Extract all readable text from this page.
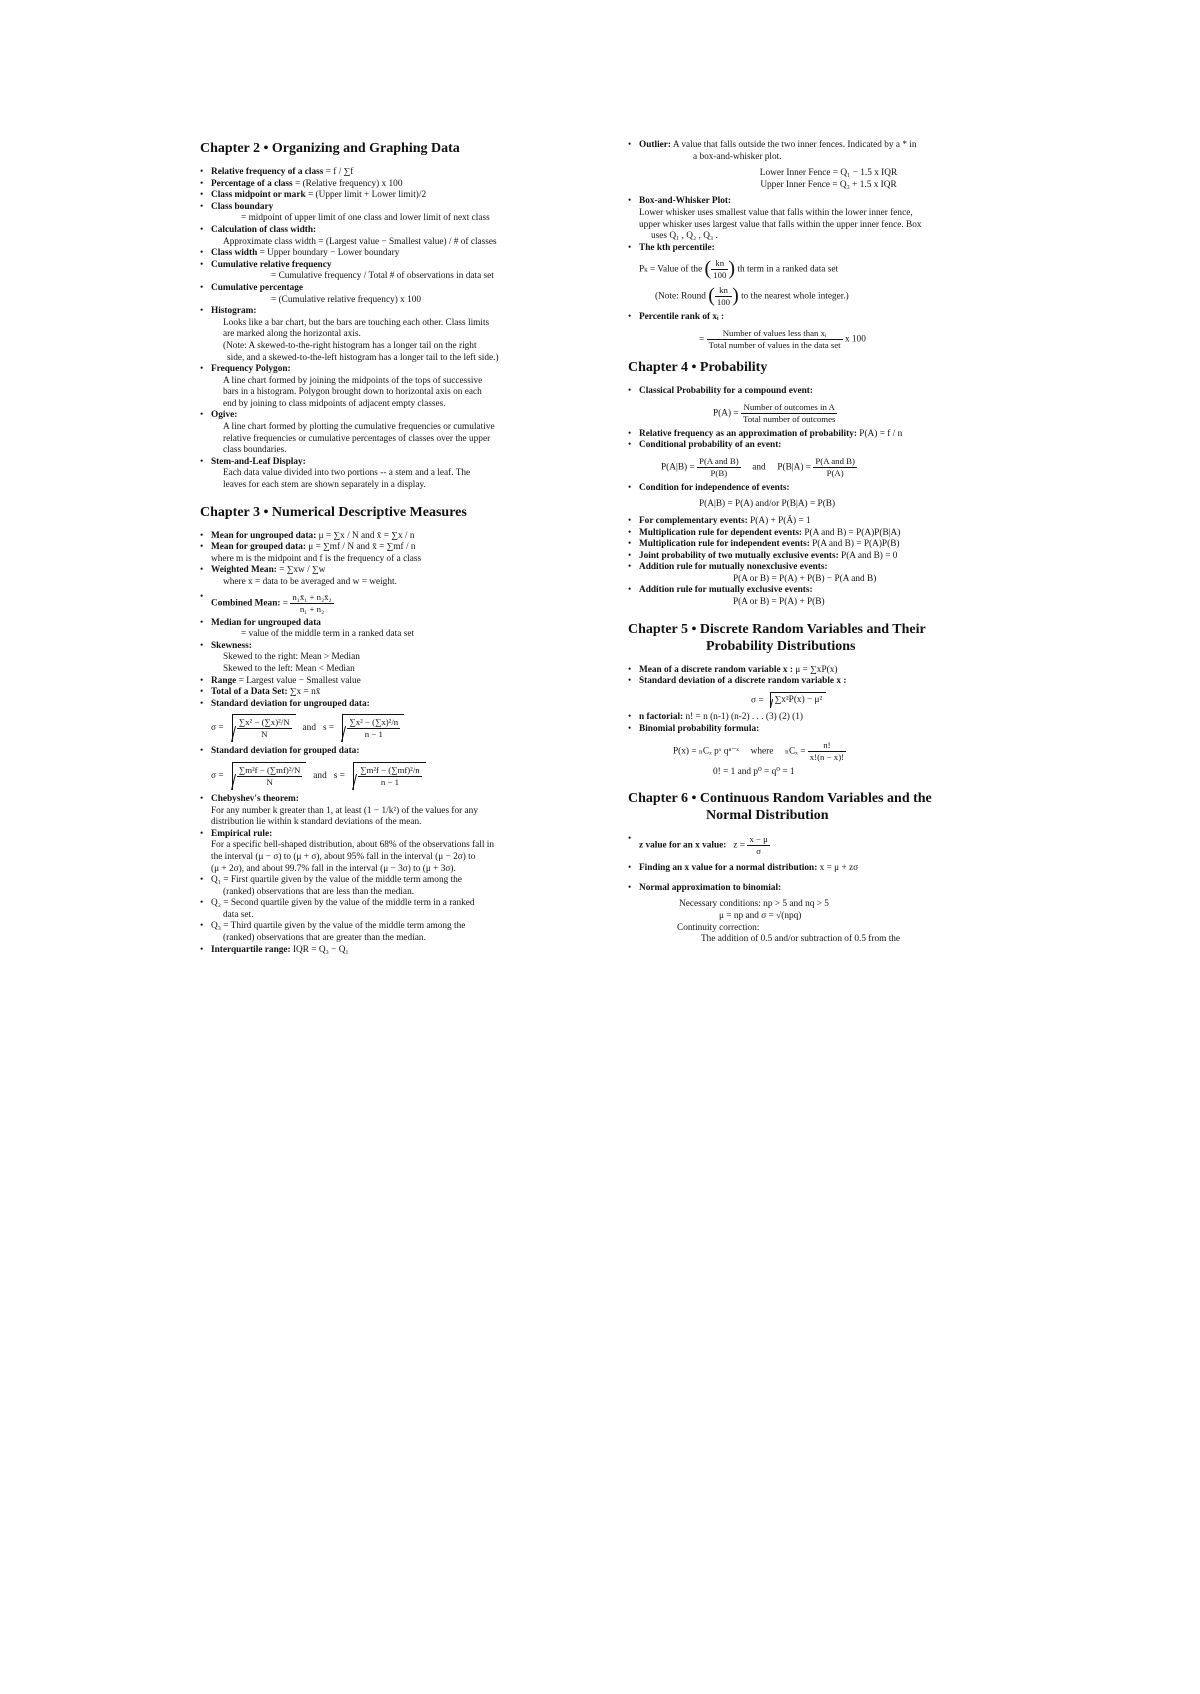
Chapter 2 • Organizing and Graphing Data
• Relative frequency of a class = f / ∑f
• Percentage of a class = (Relative frequency) x 100
• Class midpoint or mark = (Upper limit + Lower limit)/2
• Class boundary
= midpoint of upper limit of one class and lower limit of next class
• Calculation of class width:
Approximate class width = (Largest value − Smallest value) / # of classes
• Class width = Upper boundary − Lower boundary
• Cumulative relative frequency
= Cumulative frequency / Total # of observations in data set
• Cumulative percentage
= (Cumulative relative frequency) x 100
• Histogram:
Looks like a bar chart, but the bars are touching each other. Class limits
are marked along the horizontal axis.
(Note: A skewed-to-the-right histogram has a longer tail on the right
side, and a skewed-to-the-left histogram has a longer tail to the left side.)
• Frequency Polygon:
A line chart formed by joining the midpoints of the tops of successive
bars in a histogram. Polygon brought down to horizontal axis on each
end by joining to class midpoints of adjacent empty classes.
• Ogive:
A line chart formed by plotting the cumulative frequencies or cumulative
relative frequencies or cumulative percentages of classes over the upper
class boundaries.
• Stem-and-Leaf Display:
Each data value divided into two portions -- a stem and a leaf. The
leaves for each stem are shown separately in a display.
Chapter 3 • Numerical Descriptive Measures
• Mean for ungrouped data: μ = ∑x / N and x̄ = ∑x / n
• Mean for grouped data: μ = ∑mf / N and x̄ = ∑mf / n
where m is the midpoint and f is the frequency of a class
• Weighted Mean: = ∑xw / ∑w
where x = data to be averaged and w = weight.
• Combined Mean: = $\frac{\text{n₁x̄₁ + n₂x̄₂}}{\text{n₁ + n₂}}$
• Median for ungrouped data
= value of the middle term in a ranked data set
• Skewness:
Skewed to the right: Mean > Median
Skewed to the left: Mean < Median
• Range = Largest value − Smallest value
• Total of a Data Set: ∑x = nx̄
• Standard deviation for ungrouped data:
$\sigma = \frac{\text{∑x² − (∑x)²/N}}{N}$ and $s = \frac{\text{∑x² − (∑x)²/n}}{n - 1}$
• Standard deviation for grouped data:
$\sigma = \frac{\text{∑m²f − (∑mf)²/N}}{N}$ and $s = \frac{\text{∑m²f − (∑mf)²/n}}{n - 1}$
• Chebyshev's theorem:
For any number k greater than 1, at least (1 − 1/k²) of the values for any
distribution lie within k standard deviations of the mean.
• Empirical rule:
For a specific bell-shaped distribution, about 68% of the observations fall in
the interval (μ − σ) to (μ + σ), about 95% fall in the interval (μ − 2σ) to
(μ + 2σ), and about 99.7% fall in the interval (μ − 3σ) to (μ + 3σ).
• Q₁ = First quartile given by the value of the middle term among the
(ranked) observations that are less than the median.
• Q₂ = Second quartile given by the value of the middle term in a ranked
data set.
• Q₃ = Third quartile given by the value of the middle term among the
(ranked) observations that are greater than the median.
• Interquartile range: IQR = Q₃ − Q₁
• Outlier: A value that falls outside the two inner fences. Indicated by a * in
a box-and-whisker plot.
Lower Inner Fence = Q₁ − 1.5 x IQR
Upper Inner Fence = Q₃ + 1.5 x IQR
• Box-and-Whisker Plot:
Lower whisker uses smallest value that falls within the lower inner fence,
upper whisker uses largest value that falls within the upper inner fence. Box
uses Q₁ , Q₂ , Q₃ .
• The kth percentile:
Pₖ = Value of the ( $\frac{kn}{100}$ ) th term in a ranked data set
(Note: Round ( $\frac{kn}{100}$ ) to the nearest whole integer.)
• Percentile rank of xᵢ :
= $\frac{\text{Number of values less than xᵢ}}{\text{Total number of values in the data set}}$ x 100
Chapter 4 • Probability
• Classical Probability for a compound event:
$P(A) = \frac{\text{Number of outcomes in A}}{\text{Total number of outcomes}}$
• Relative frequency as an approximation of probability: P(A) = f / n
• Conditional probability of an event:
$P(A|B) = \frac{\text{P(A and B)}}{P(B)}$ and $P(B|A) = \frac{\text{P(A and B)}}{P(A)}$
• Condition for independence of events:
P(A|B) = P(A) and/or P(B|A) = P(B)
• For complementary events: P(A) + P(Ā) = 1
• Multiplication rule for dependent events: P(A and B) = P(A)P(B|A)
• Multiplication rule for independent events: P(A and B) = P(A)P(B)
• Joint probability of two mutually exclusive events: P(A and B) = 0
• Addition rule for mutually nonexclusive events:
P(A or B) = P(A) + P(B) − P(A and B)
• Addition rule for mutually exclusive events:
P(A or B) = P(A) + P(B)
Chapter 5 • Discrete Random Variables and Their
Probability Distributions
• Mean of a discrete random variable x : μ = ∑xP(x)
• Standard deviation of a discrete random variable x :
σ = ∑x²P(x) − μ²
• n factorial: n! = n (n-1) (n-2) . . . (3) (2) (1)
• Binomial probability formula:
P(x) = ₙCₓ pˣ qⁿ⁻ˣ where $_nC_x = \frac{n!}{x!(n - x)!}$
0! = 1 and p⁰ = q⁰ = 1
Chapter 6 • Continuous Random Variables and the
Normal Distribution
• z value for an x value: $z = \frac{x - \mu}{\sigma}$
• Finding an x value for a normal distribution: x = μ + zσ
• Normal approximation to binomial:
Necessary conditions: np > 5 and nq > 5
μ = np and σ = √(npq)
Continuity correction:
The addition of 0.5 and/or subtraction of 0.5 from the
